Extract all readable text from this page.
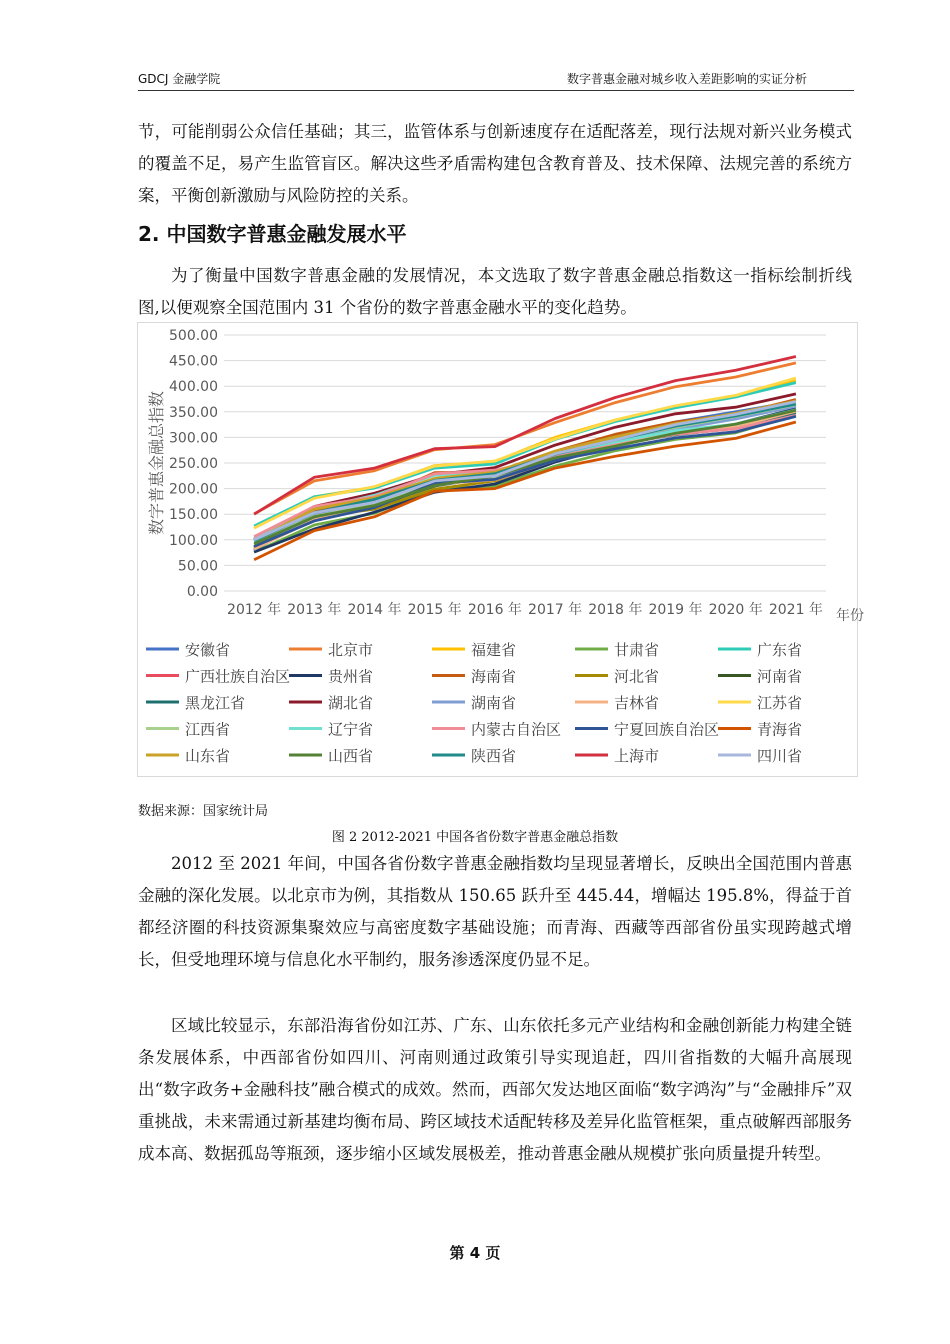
GDCJ 金融学院	数字普惠金融对城乡收入差距影响的实证分析
节，可能削弱公众信任基础；其三，监管体系与创新速度存在适配落差，现行法规对新兴业务模式的覆盖不足，易产生监管盲区。解决这些矛盾需构建包含教育普及、技术保障、法规完善的系统方案，平衡创新激励与风险防控的关系。
2. 中国数字普惠金融发展水平
为了衡量中国数字普惠金融的发展情况，本文选取了数字普惠金融总指数这一指标绘制折线图,以便观察全国范围内 31 个省份的数字普惠金融水平的变化趋势。
0.00
50.00
100.00
150.00
200.00
250.00
300.00
350.00
400.00
450.00
500.00
2012 年 2013 年 2014 年 2015 年 2016 年 2017 年 2018 年 2019 年 2020 年 2021 年 年份
数字普惠金融总指数
安徽省	北京市	福建省	甘肃省	广东省
广西壮族自治区	贵州省	海南省	河北省	河南省
黑龙江省	湖北省	湖南省	吉林省	江苏省
江西省	辽宁省	内蒙古自治区	宁夏回族自治区	青海省
山东省	山西省	陕西省	上海市	四川省
数据来源：国家统计局
图 2 2012-2021 中国各省份数字普惠金融总指数
2012 至 2021 年间，中国各省份数字普惠金融指数均呈现显著增长，反映出全国范围内普惠金融的深化发展。以北京市为例，其指数从 150.65 跃升至 445.44，增幅达 195.8%，得益于首都经济圈的科技资源集聚效应与高密度数字基础设施；而青海、西藏等西部省份虽实现跨越式增长，但受地理环境与信息化水平制约，服务渗透深度仍显不足。
区域比较显示，东部沿海省份如江苏、广东、山东依托多元产业结构和金融创新能力构建全链条发展体系，中西部省份如四川、河南则通过政策引导实现追赶，四川省指数的大幅升高展现出“数字政务+金融科技”融合模式的成效。然而，西部欠发达地区面临“数字鸿沟”与“金融排斥”双重挑战，未来需通过新基建均衡布局、跨区域技术适配转移及差异化监管框架，重点破解西部服务成本高、数据孤岛等瓶颈，逐步缩小区域发展极差，推动普惠金融从规模扩张向质量提升转型。
第 4 页
